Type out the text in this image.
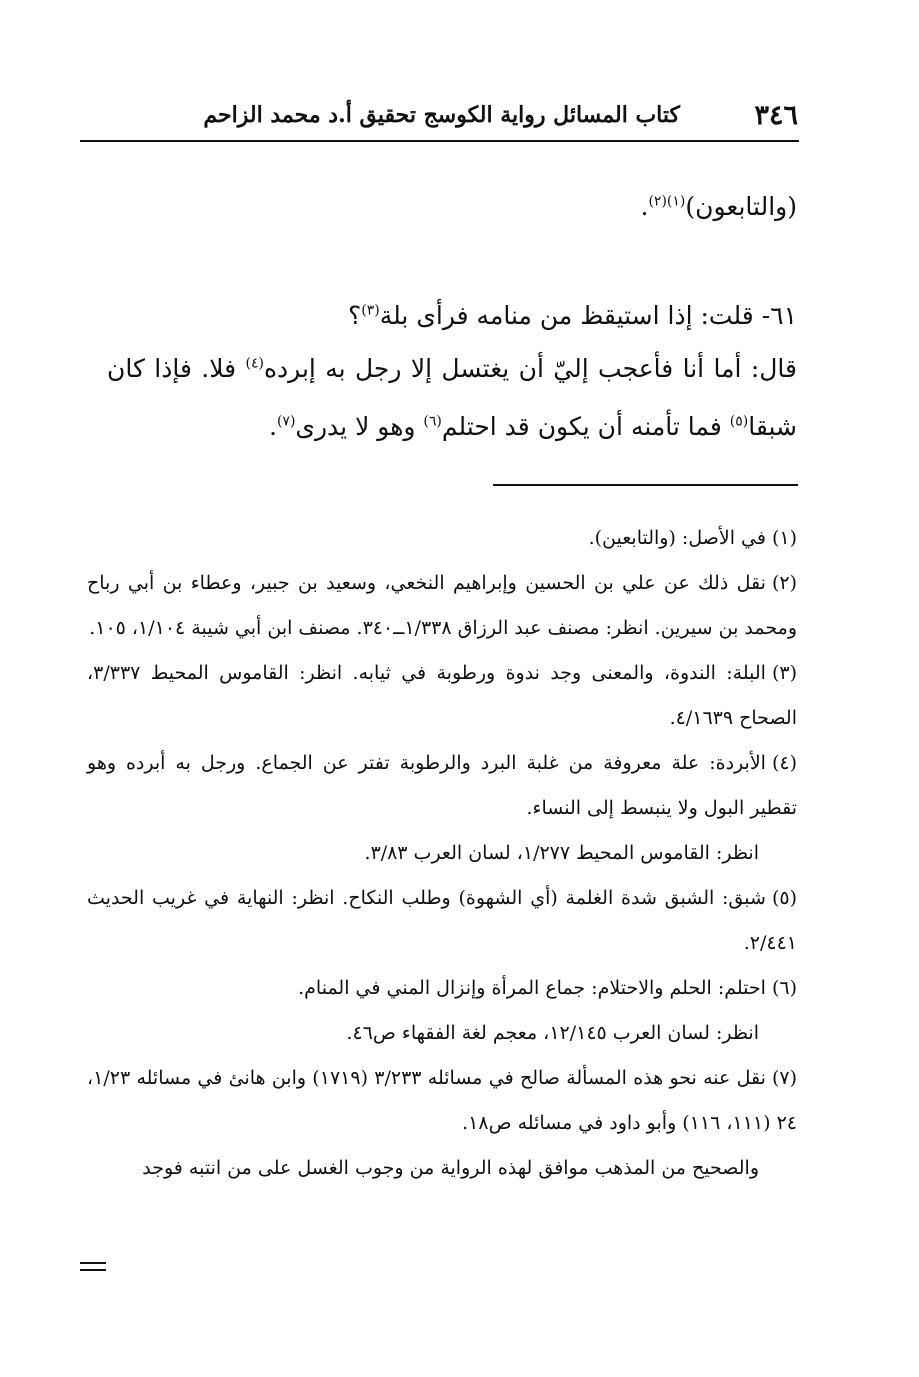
٣٤٦
كتاب المسائل رواية الكوسج تحقيق أ.د محمد الزاحم
(والتابعون)$^{(١)(٢)}$.
٦١-قلت: إذا استيقظ من منامه فرأى بلة$^{(٣)}$؟
قال: أما أنا فأعجب إليّ أن يغتسل إلا رجل به إبرده$^{(٤)}$ فلا. فإذا كان شبقا$^{(٥)}$ فما تأمنه أن يكون قد احتلم$^{(٦)}$ وهو لا يدرى$^{(٧)}$.
(١)في الأصل: (والتابعين).
(٢)نقل ذلك عن علي بن الحسين وإبراهيم النخعي، وسعيد بن جبير، وعطاء بن أبي رباح ومحمد بن سيرين. انظر: مصنف عبد الرزاق ١/٣٣٨ــ٣٤٠. مصنف ابن أبي شيبة ١/١٠٤، ١٠٥.
(٣)البلة: الندوة، والمعنى وجد ندوة ورطوبة في ثيابه. انظر: القاموس المحيط ٣/٣٣٧، الصحاح ٤/١٦٣٩.
(٤)الأبردة: علة معروفة من غلبة البرد والرطوبة تفتر عن الجماع. ورجل به أبرده وهو تقطير البول ولا ينبسط إلى النساء.
انظر: القاموس المحيط ١/٢٧٧، لسان العرب ٣/٨٣.
(٥)شبق: الشبق شدة الغلمة (أي الشهوة) وطلب النكاح. انظر: النهاية في غريب الحديث ٢/٤٤١.
(٦)احتلم: الحلم والاحتلام: جماع المرأة وإنزال المني في المنام.
انظر: لسان العرب ١٢/١٤٥، معجم لغة الفقهاء ص٤٦.
(٧)نقل عنه نحو هذه المسألة صالح في مسائله ٣/٢٣٣ (١٧١٩) وابن هانئ في مسائله ١/٢٣، ٢٤ (١١١، ١١٦) وأبو داود في مسائله ص١٨.
والصحيح من المذهب موافق لهذه الرواية من وجوب الغسل على من انتبه فوجد
